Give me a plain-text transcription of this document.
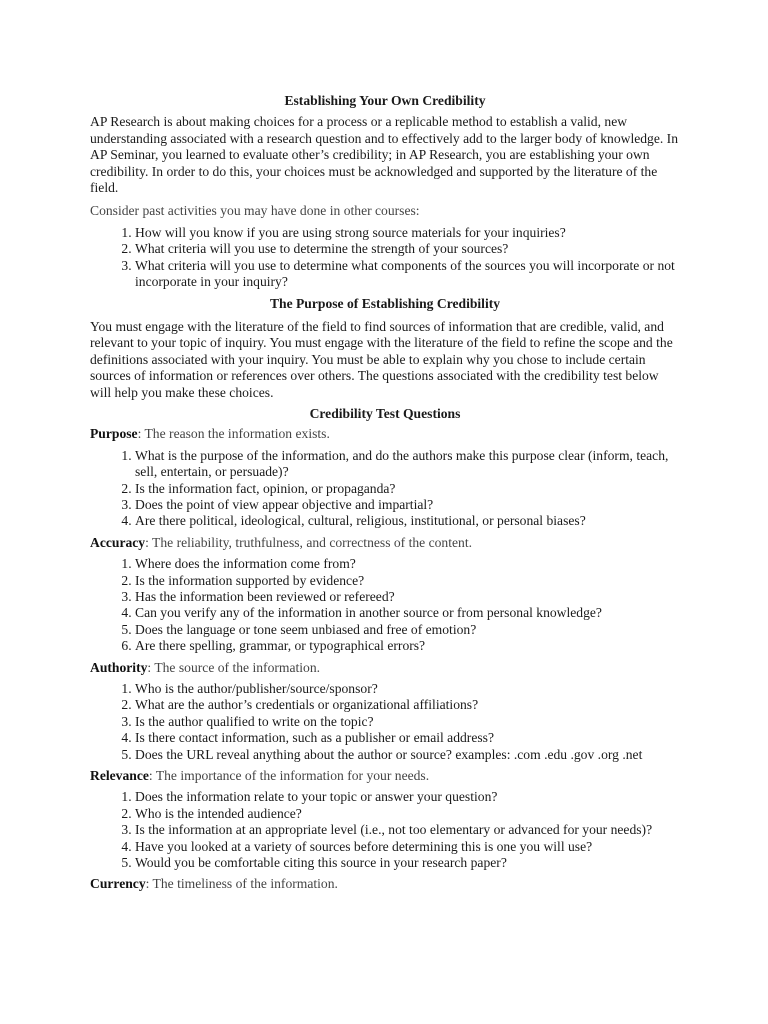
Establishing Your Own Credibility

AP Research is about making choices for a process or a replicable method to establish a valid, new understanding associated with a research question and to effectively add to the larger body of knowledge. In AP Seminar, you learned to evaluate other’s credibility; in AP Research, you are establishing your own credibility. In order to do this, your choices must be acknowledged and supported by the literature of the field.

Consider past activities you may have done in other courses:

1. How will you know if you are using strong source materials for your inquiries?
2. What criteria will you use to determine the strength of your sources?
3. What criteria will you use to determine what components of the sources you will incorporate or not incorporate in your inquiry?
The Purpose of Establishing Credibility

You must engage with the literature of the field to find sources of information that are credible, valid, and relevant to your topic of inquiry. You must engage with the literature of the field to refine the scope and the definitions associated with your inquiry. You must be able to explain why you chose to include certain sources of information or references over others. The questions associated with the credibility test below will help you make these choices.

Credibility Test Questions

Purpose: The reason the information exists.

1. What is the purpose of the information, and do the authors make this purpose clear (inform, teach, sell, entertain, or persuade)?
2. Is the information fact, opinion, or propaganda?
3. Does the point of view appear objective and impartial?
4. Are there political, ideological, cultural, religious, institutional, or personal biases?

Accuracy: The reliability, truthfulness, and correctness of the content.

1. Where does the information come from?
2. Is the information supported by evidence?
3. Has the information been reviewed or refereed?
4. Can you verify any of the information in another source or from personal knowledge?
5. Does the language or tone seem unbiased and free of emotion?
6. Are there spelling, grammar, or typographical errors?

Authority: The source of the information.

1. Who is the author/publisher/source/sponsor?
2. What are the author’s credentials or organizational affiliations?
3. Is the author qualified to write on the topic?
4. Is there contact information, such as a publisher or email address?
5. Does the URL reveal anything about the author or source? examples: .com .edu .gov .org .net

Relevance: The importance of the information for your needs.

1. Does the information relate to your topic or answer your question?
2. Who is the intended audience?
3. Is the information at an appropriate level (i.e., not too elementary or advanced for your needs)?
4. Have you looked at a variety of sources before determining this is one you will use?
5. Would you be comfortable citing this source in your research paper?

Currency: The timeliness of the information.
